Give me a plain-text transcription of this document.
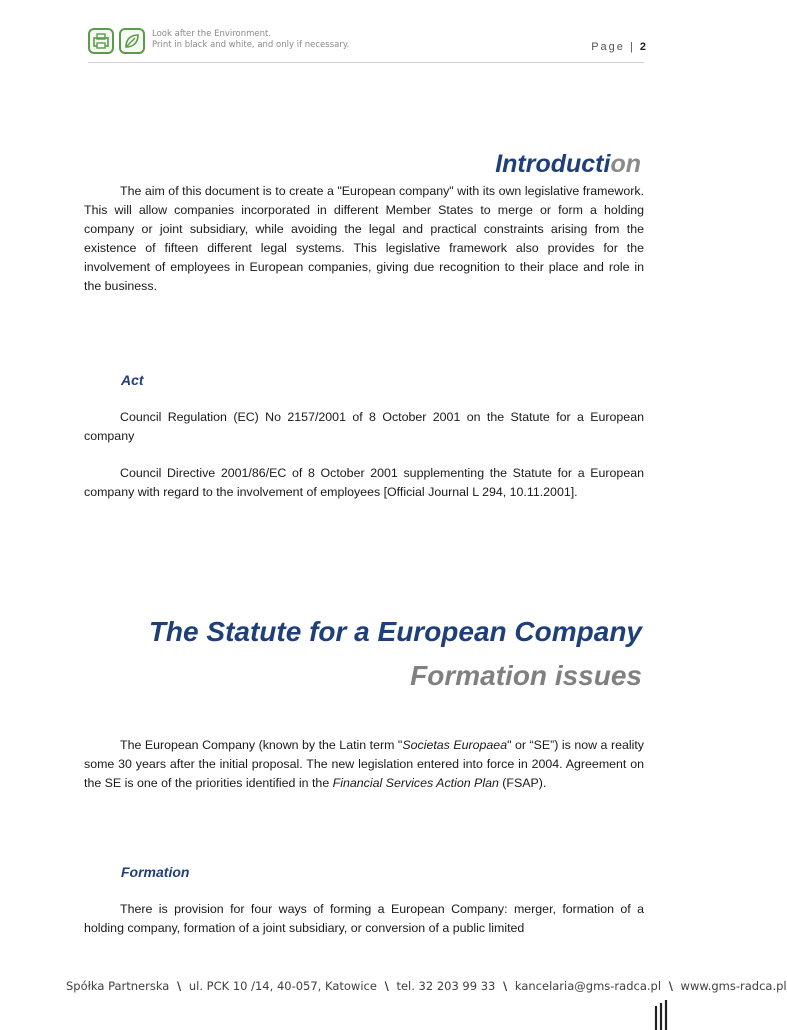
Look after the Environment.
Print in black and white, and only if necessary.	Page | 2
Introduction

The aim of this document is to create a "European company" with its own legislative framework. This will allow companies incorporated in different Member States to merge or form a holding company or joint subsidiary, while avoiding the legal and practical constraints arising from the existence of fifteen different legal systems. This legislative framework also provides for the involvement of employees in European companies, giving due recognition to their place and role in the business.

Act

Council Regulation (EC) No 2157/2001 of 8 October 2001 on the Statute for a European company

Council Directive 2001/86/EC of 8 October 2001 supplementing the Statute for a European company with regard to the involvement of employees [Official Journal L 294, 10.11.2001].

The Statute for a European Company
Formation issues

The European Company (known by the Latin term "Societas Europaea" or “SE”) is now a reality some 30 years after the initial proposal. The new legislation entered into force in 2004. Agreement on the SE is one of the priorities identified in the Financial Services Action Plan (FSAP).

Formation

There is provision for four ways of forming a European Company: merger, formation of a holding company, formation of a joint subsidiary, or conversion of a public limited

Spółka Partnerska \ ul. PCK 10 /14, 40-057, Katowice \ tel. 32 203 99 33 \ kancelaria@gms-radca.pl \ www.gms-radca.pl
